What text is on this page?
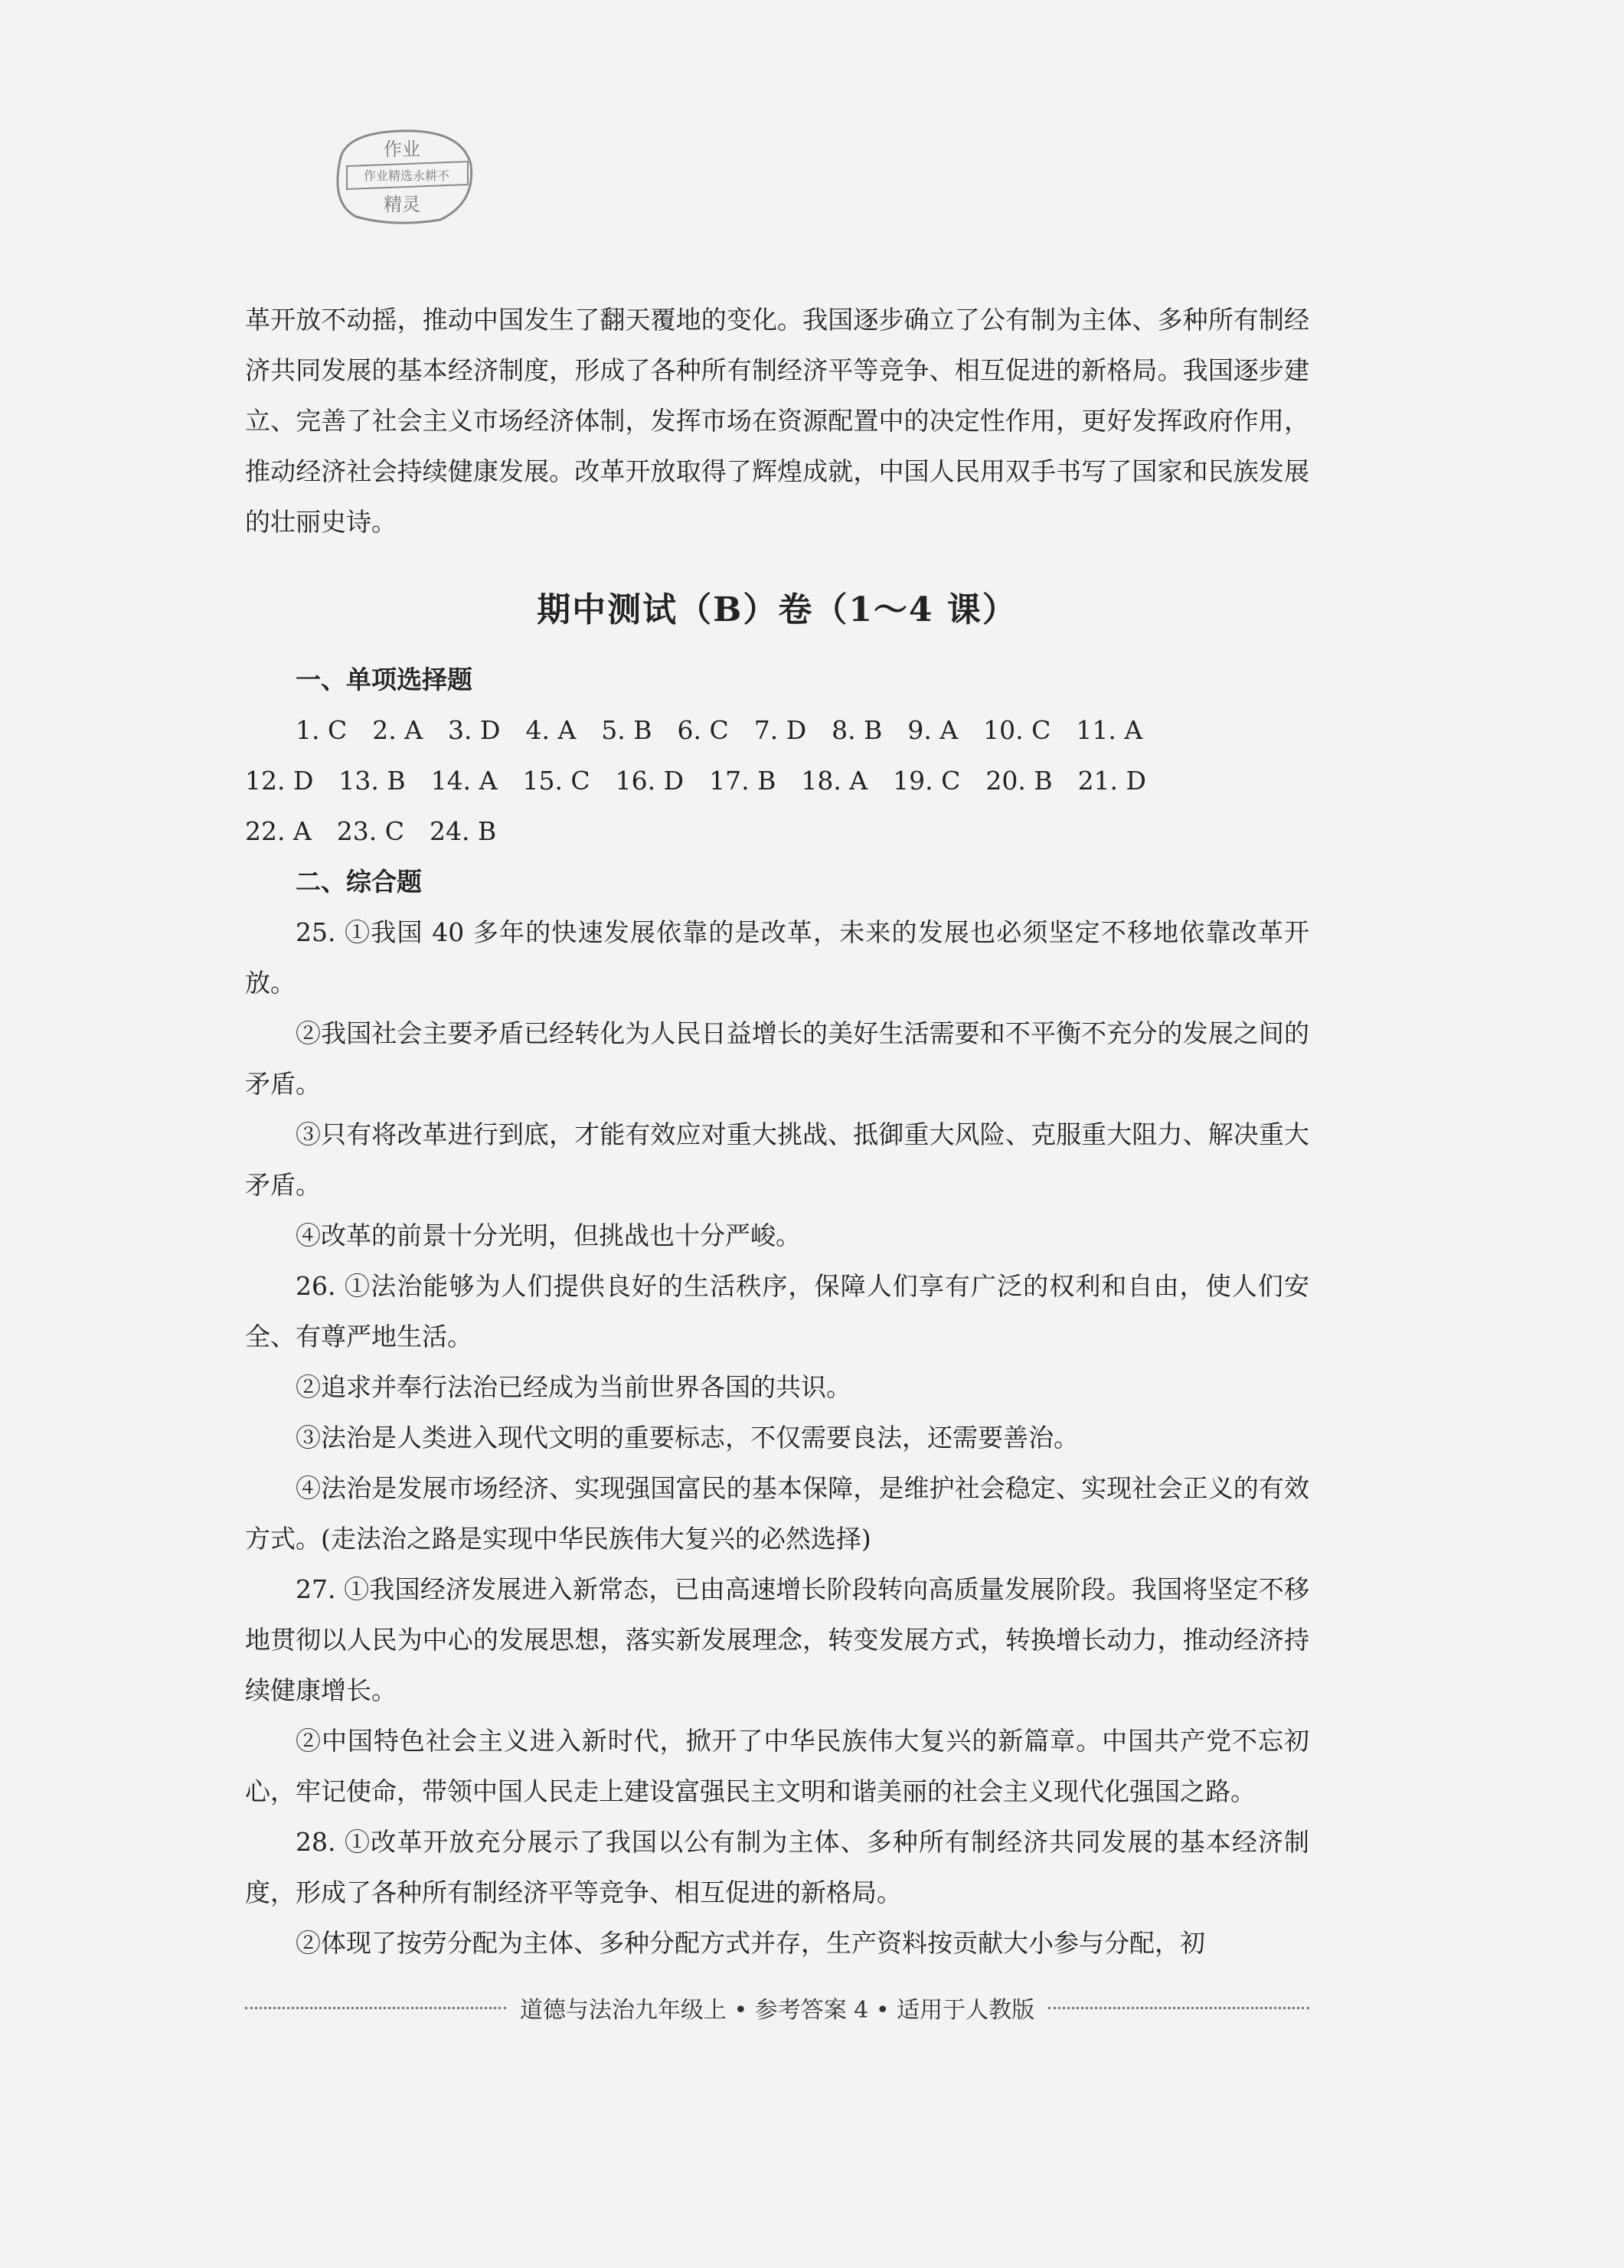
作业
作业精选永耕不
精灵

革开放不动摇，推动中国发生了翻天覆地的变化。我国逐步确立了公有制为主体、多种所有制经济共同发展的基本经济制度，形成了各种所有制经济平等竞争、相互促进的新格局。我国逐步建立、完善了社会主义市场经济体制，发挥市场在资源配置中的决定性作用，更好发挥政府作用，推动经济社会持续健康发展。改革开放取得了辉煌成就，中国人民用双手书写了国家和民族发展的壮丽史诗。

期中测试（B）卷（1～4 课）

一、单项选择题

1. C　2. A　3. D　4. A　5. B　6. C　7. D　8. B　9. A　10. C　11. A

12. D　13. B　14. A　15. C　16. D　17. B　18. A　19. C　20. B　21. D

22. A　23. C　24. B

二、综合题

25. ①我国 40 多年的快速发展依靠的是改革，未来的发展也必须坚定不移地依靠改革开放。

②我国社会主要矛盾已经转化为人民日益增长的美好生活需要和不平衡不充分的发展之间的矛盾。

③只有将改革进行到底，才能有效应对重大挑战、抵御重大风险、克服重大阻力、解决重大矛盾。

④改革的前景十分光明，但挑战也十分严峻。

26. ①法治能够为人们提供良好的生活秩序，保障人们享有广泛的权利和自由，使人们安全、有尊严地生活。

②追求并奉行法治已经成为当前世界各国的共识。

③法治是人类进入现代文明的重要标志，不仅需要良法，还需要善治。

④法治是发展市场经济、实现强国富民的基本保障，是维护社会稳定、实现社会正义的有效方式。(走法治之路是实现中华民族伟大复兴的必然选择)

27. ①我国经济发展进入新常态，已由高速增长阶段转向高质量发展阶段。我国将坚定不移地贯彻以人民为中心的发展思想，落实新发展理念，转变发展方式，转换增长动力，推动经济持续健康增长。

②中国特色社会主义进入新时代，掀开了中华民族伟大复兴的新篇章。中国共产党不忘初心，牢记使命，带领中国人民走上建设富强民主文明和谐美丽的社会主义现代化强国之路。

28. ①改革开放充分展示了我国以公有制为主体、多种所有制经济共同发展的基本经济制度，形成了各种所有制经济平等竞争、相互促进的新格局。

②体现了按劳分配为主体、多种分配方式并存，生产资料按贡献大小参与分配，初

道德与法治九年级上 • 参考答案 4 • 适用于人教版
